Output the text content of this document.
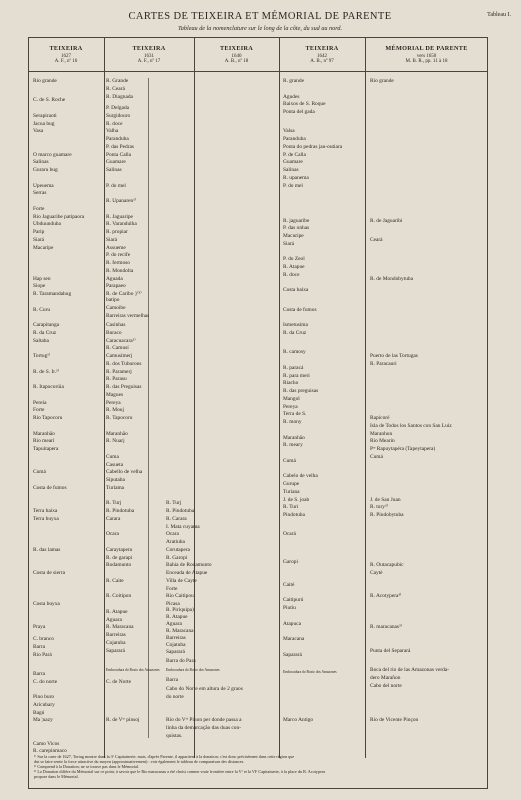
CARTES DE TEIXEIRA ET MÉMORIAL DE PARENTE	Tableau I.
Tableau de la nomenclature sur le long de la côte, du sud au nord.
TEIXEIRA
1627
A. F., nº 16
TEIXEIRA
1631
A. F., nº 17
TEIXEIRA
1640
A. B., nº 18
TEIXEIRA
1642
A. B., nº 97
MÉMORIAL DE PARENTE
vers 1650
M. B. R., pp. 11 à 18
Rio grande
C. de S. Roche
Serapiraoti
Jacua bug
Vasa
O marco guamare
Salinas
Guraru bug
Upeuema
Serras
Forte
Rio Jaguaribe patipaora
Ubduunduba
Parip
Siará
Macaripe
Hap sen
Siope
R. Taramandahug
R. Curu
Carapitanga
R. da Cruz
Saltaba
Tortug¹⁾
R. de S. Ir.²⁾
R. Itapocorúia
Pereia
Forte
Rio Tapocoru
Maranhão
Rio mearí
Tapuitapera
Cumá
Costa de fumos
Terra baixa
Terra buyxa
R. das lamas
Costa de sierra
Costa buyxa
Praya
C. branco
Barra
Rio Pará
Barra
C. do norte
Pino buro
Aricubary
Bagú
Ma ¦uazy
Camo Vicos
R. carepinmaco
R. Grande
R. Ceará
R. Diagnada
P. Delgada
Surgidouro
R. doce
Valha
Paranduba
P. das Pedras
Ponta Calla
Guamare
Salinas
P. do mel
R. Upanaren¹⁾
R. Jaguaripe
R. Varandulha
R. propiar
Siará
Assueme
P. do recife
R. fermoso
R. Mondolta
Aguada
Parapaeo
R. de Caribo }⁽³⁾
batipo
Camoibe
Barreiras vermelhas
Casinhas
Buraco
Caracuacara¹⁾
R. Camusí
Camusímerj
R. dos Tuburons
R. Paramerj
R. Parasu
R. das Preguisas
Magues
Pereya
R. Mouj
R. Tapocoru
Maranhão
R. Nuarj
Cuma
Casueta
Cabello de velha
Siputaba
Turiama
R. Turj
R. Pindotuba
Carara
Ocara
Caraytapera
R. de garapi
Rodamunto
R. Caite
R. Coitipon
R. Atapue
Aguara
R. Maracana
Barreiras
Cojatuba
Saparará
Embocadura do Bosio dos Amazones
C. de Norte
R. de Vᵗᵉ pinsoj
R. Turj
R. Pindotuba
R. Carara
I. Mata cuyama
Ocara
Aratiuba
Corutapera
R. Garopi
Bahia de Rodamunto
Enceada de Atapue
Villa de Cayte
Forte
Rio Caitipou
Picasa
R. Piriquipa)
R. Atapue
Aguara
R. Maracana
Barreiras
Cojatuba
Saparará
Barra do Para
Embocadura do Bosio dos Amazones
Barra
Cabo do Norte em altura de 2 graos
do norte
Rio do Vᵗᵉ Pinon per donde passa a
linha da demarcação das duas con-
quistas.
R. grande
Agudes
Baixos de S. Roque
Ponta del gada
Valsa
Paranduba
Ponta do pedras jau-outiara
P. de Calla
Guamare
Salinas
R. upanema
P. do mel
R. jaguaribe
P. das onhas
Macuripe
Siará
P. do Zeol
R. Atapue
R. doce
Costa baixa
Costa de fumos
Ismetusima
R. da Cruz
R. camosy
R. paracá
R. para meri
Riacho
R. das preguisas
Mangol
Pereya
Terra de S.
R. mony
Maranhão
R. meary
Cumá
Cabelo de velha
Gurupe
Turiana
J. de S. joab
R. Turi
Pindotuba
Ocará
Garopi
Caité
Caitipurú
Piutiu
Atapuca
Maracana
Saparará
Embocadura do Bosio dos Amazones
Marco Antigo
Rio grande
R. de Jaguaribi
Ceará
R. de Mondobytuba
Puerto de las Tortugas
R. Paracauri
Rapicoré
Isla de Todos los Santos con San Luiz
Maranhon
Rio Mearin
Pᵗᵉ Rapuytapéra (Tapeytapera)
Cumá
J. de San Juan
R. tury³⁾
R. Pindobytuba
R. Outacapubic
Cayté
R. Acotypera³⁾
R. maracanas³⁾
Punta del Separará
Boca del rio de las Amazonas verda-
dero Marañon
Cabo del norte
Rio de Vicente Pinçon
¹⁾ Sur la carte de 1627, Tortug montre dans la 3ᵉ Capitainerie; mais, d'après Parente, il appartient à la donation; c'est donc précisément dans cette région que
dut se faire sentir la force attractive du moyen (approximativement) : voir également le tableau de comparaison des distances.
²⁾ Comprend à la Donation; ne se trouve pas dans le Mémorial.
³⁾ La Donation diffère du Mémorial sur ce point, à savoir que le Rio maracanas a été choisi comme vraie frontière entre la Vᵉ et la VIᵉ Capitainerie, à la place du R. Acotypera
propose dans le Mémorial.
